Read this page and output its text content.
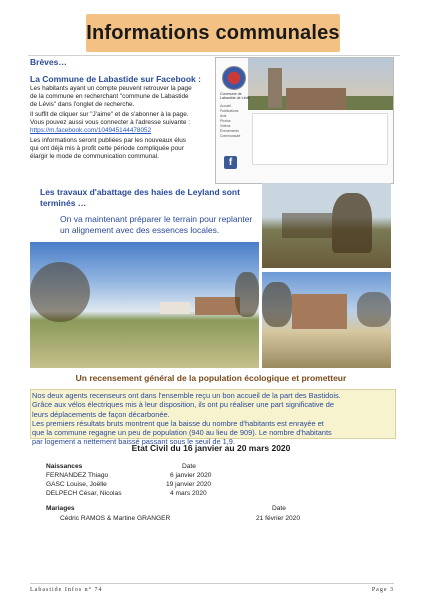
Informations communales
Brèves…
La Commune de Labastide sur Facebook :
Les habitants ayant un compte peuvent retrouver la page
de la commune en recherchant "commune de Labastide
de Lévis" dans l'onglet de recherche.
Il suffit de cliquer sur "J'aime" et de s'abonner à la page.
Vous pouvez aussi vous connecter à l'adresse suivante :
https://m.facebook.com/104945144478052
Les informations seront publiées par les nouveaux élus
qui ont déjà mis à profit cette période compliquée pour
élargir le mode de communication communal.
Commune de Labastide de Lévis
Accueil
Publications
Avis
Photos
Vidéos
Événements
Communauté
f
Les travaux d'abattage des haies de Leyland sont terminés …
On va maintenant préparer le terrain pour replanter un alignement avec des essences locales.
Un recensement général de la population écologique et prometteur
Nos deux agents recenseurs ont dans l'ensemble reçu un bon accueil de la part des Bastidois.
Grâce aux vélos électriques mis à leur disposition, ils ont pu réaliser une part significative de
leurs déplacements de façon décarbonée.
Les premiers résultats bruts montrent que la baisse du nombre d'habitants est enrayée et
que la commune regagne un peu de population (940 au lieu de 909). Le nombre d'habitants
par logement a nettement baissé passant sous le seuil de 1,9.
Etat Civil du 16 janvier au 20 mars 2020
Naissances	Date
FERNANDEZ Thiago	6 janvier 2020
GASC Louise, Joëlle	19 janvier 2020
DELPECH César, Nicolas	4 mars 2020
Mariages	Date
Cédric RAMOS & Martine GRANGER	21 février 2020
Labastide Infos n° 74	Page 3
